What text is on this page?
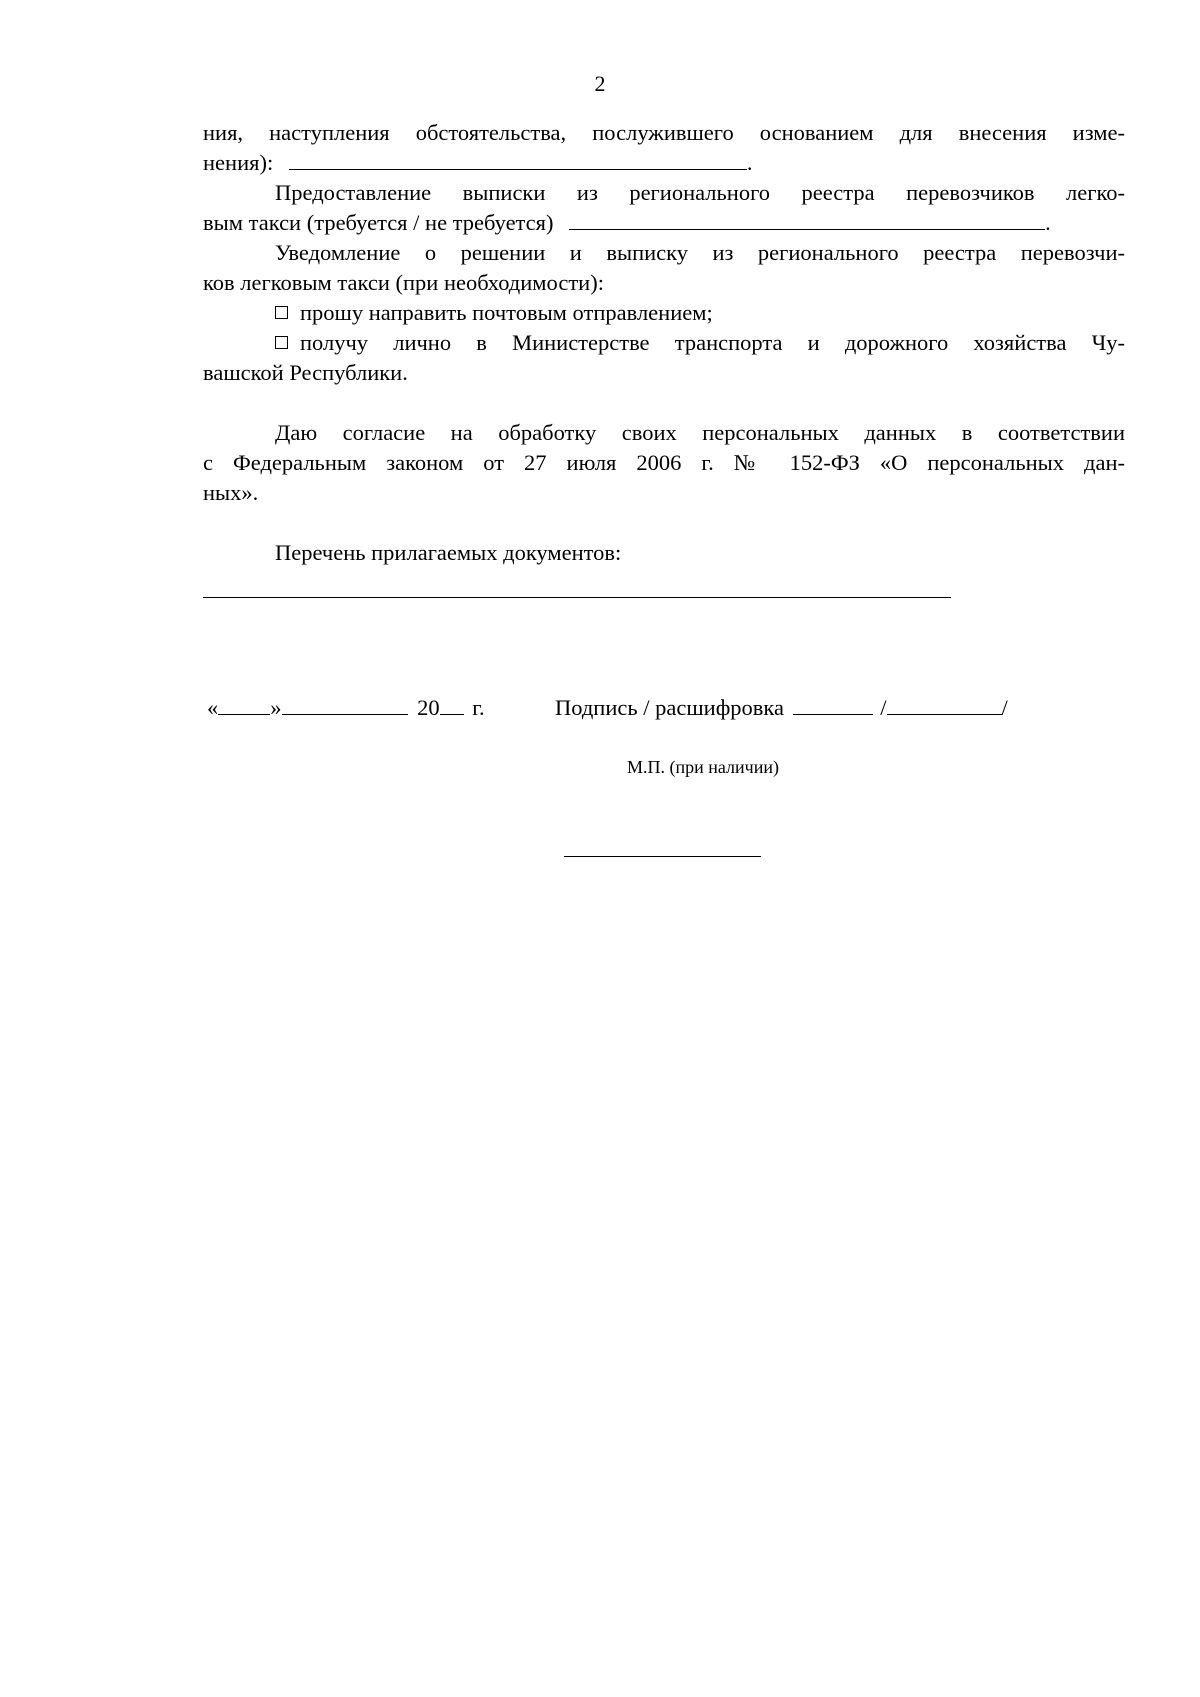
2
ния, наступления обстоятельства, послужившего основанием для внесения изме-
нения):	.
Предоставление выписки из регионального реестра перевозчиков легко-
вым такси (требуется / не требуется)	.
Уведомление о решении и выписку из регионального реестра перевозчи-
ков легковым такси (при необходимости):
прошу направить почтовым отправлением;
получу лично в Министерстве транспорта и дорожного хозяйства Чу-
вашской Республики.
Даю согласие на обработку своих персональных данных в соответствии
с Федеральным законом от 27 июля 2006 г. № 152-ФЗ «О персональных дан-
ных».
Перечень прилагаемых документов:
« »	20 г.	Подпись / расшифровка	/	/
М.П. (при наличии)
